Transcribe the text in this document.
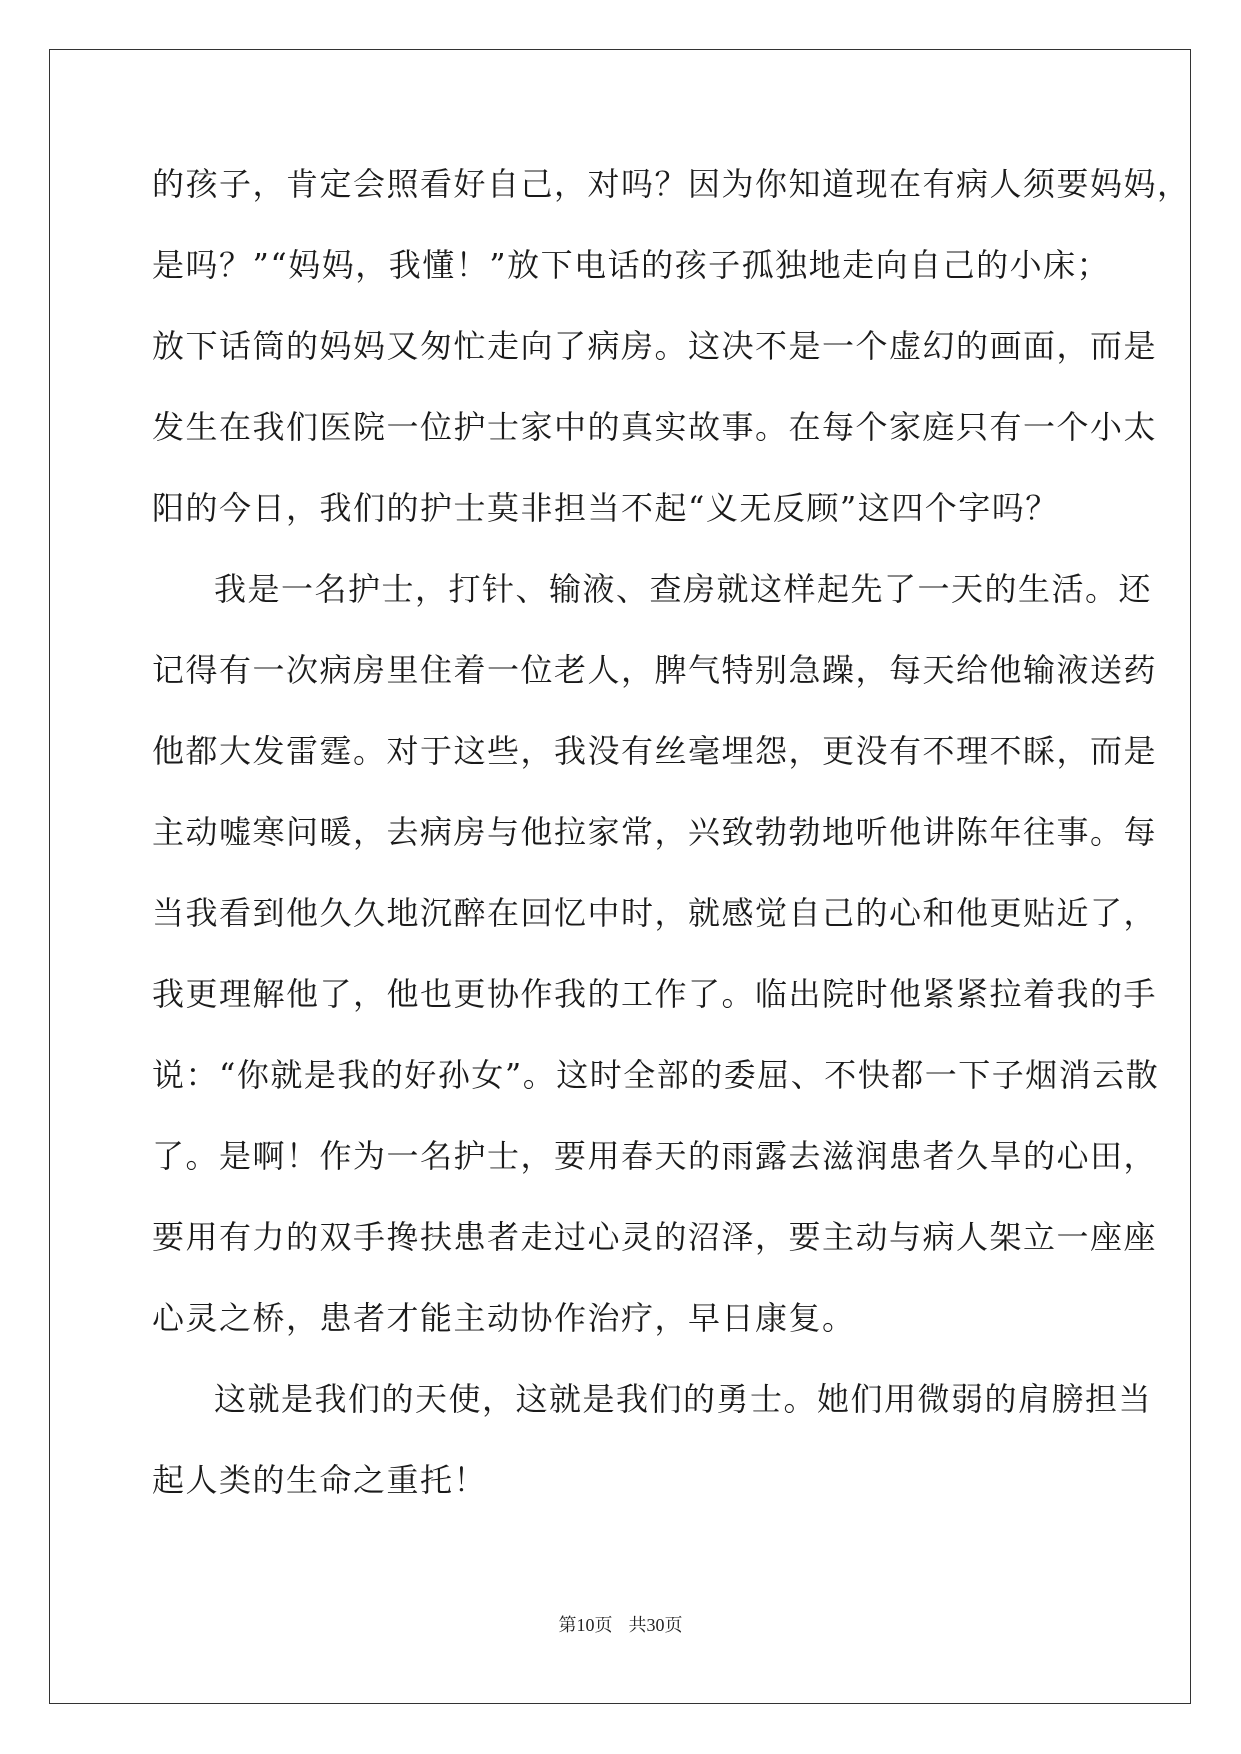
的孩子，肯定会照看好自己，对吗？因为你知道现在有病人须要妈妈，
是吗？”“妈妈，我懂！”放下电话的孩子孤独地走向自己的小床；
放下话筒的妈妈又匆忙走向了病房。这决不是一个虚幻的画面，而是
发生在我们医院一位护士家中的真实故事。在每个家庭只有一个小太
阳的今日，我们的护士莫非担当不起“义无反顾”这四个字吗？
我是一名护士，打针、输液、查房就这样起先了一天的生活。还
记得有一次病房里住着一位老人，脾气特别急躁，每天给他输液送药
他都大发雷霆。对于这些，我没有丝毫埋怨，更没有不理不睬，而是
主动嘘寒问暖，去病房与他拉家常，兴致勃勃地听他讲陈年往事。每
当我看到他久久地沉醉在回忆中时，就感觉自己的心和他更贴近了，
我更理解他了，他也更协作我的工作了。临出院时他紧紧拉着我的手
说：“你就是我的好孙女”。这时全部的委屈、不快都一下子烟消云散
了。是啊！作为一名护士，要用春天的雨露去滋润患者久旱的心田，
要用有力的双手搀扶患者走过心灵的沼泽，要主动与病人架立一座座
心灵之桥，患者才能主动协作治疗，早日康复。
这就是我们的天使，这就是我们的勇士。她们用微弱的肩膀担当
起人类的生命之重托！
第10页 共30页
